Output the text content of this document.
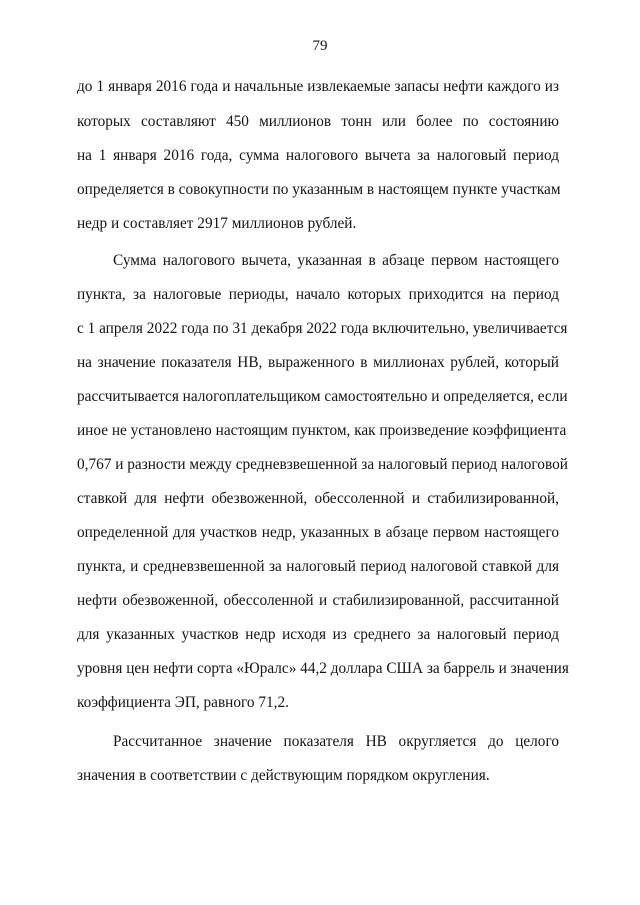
79
до 1 января 2016 года и начальные извлекаемые запасы нефти каждого из
которых составляют 450 миллионов тонн или более по состоянию
на 1 января 2016 года, сумма налогового вычета за налоговый период
определяется в совокупности по указанным в настоящем пункте участкам
недр и составляет 2917 миллионов рублей.
Сумма налогового вычета, указанная в абзаце первом настоящего
пункта, за налоговые периоды, начало которых приходится на период
с 1 апреля 2022 года по 31 декабря 2022 года включительно, увеличивается
на значение показателя НВ, выраженного в миллионах рублей, который
рассчитывается налогоплательщиком самостоятельно и определяется, если
иное не установлено настоящим пунктом, как произведение коэффициента
0,767 и разности между средневзвешенной за налоговый период налоговой
ставкой для нефти обезвоженной, обессоленной и стабилизированной,
определенной для участков недр, указанных в абзаце первом настоящего
пункта, и средневзвешенной за налоговый период налоговой ставкой для
нефти обезвоженной, обессоленной и стабилизированной, рассчитанной
для указанных участков недр исходя из среднего за налоговый период
уровня цен нефти сорта «Юралс» 44,2 доллара США за баррель и значения
коэффициента ЭП, равного 71,2.
Рассчитанное значение показателя НВ округляется до целого
значения в соответствии с действующим порядком округления.
